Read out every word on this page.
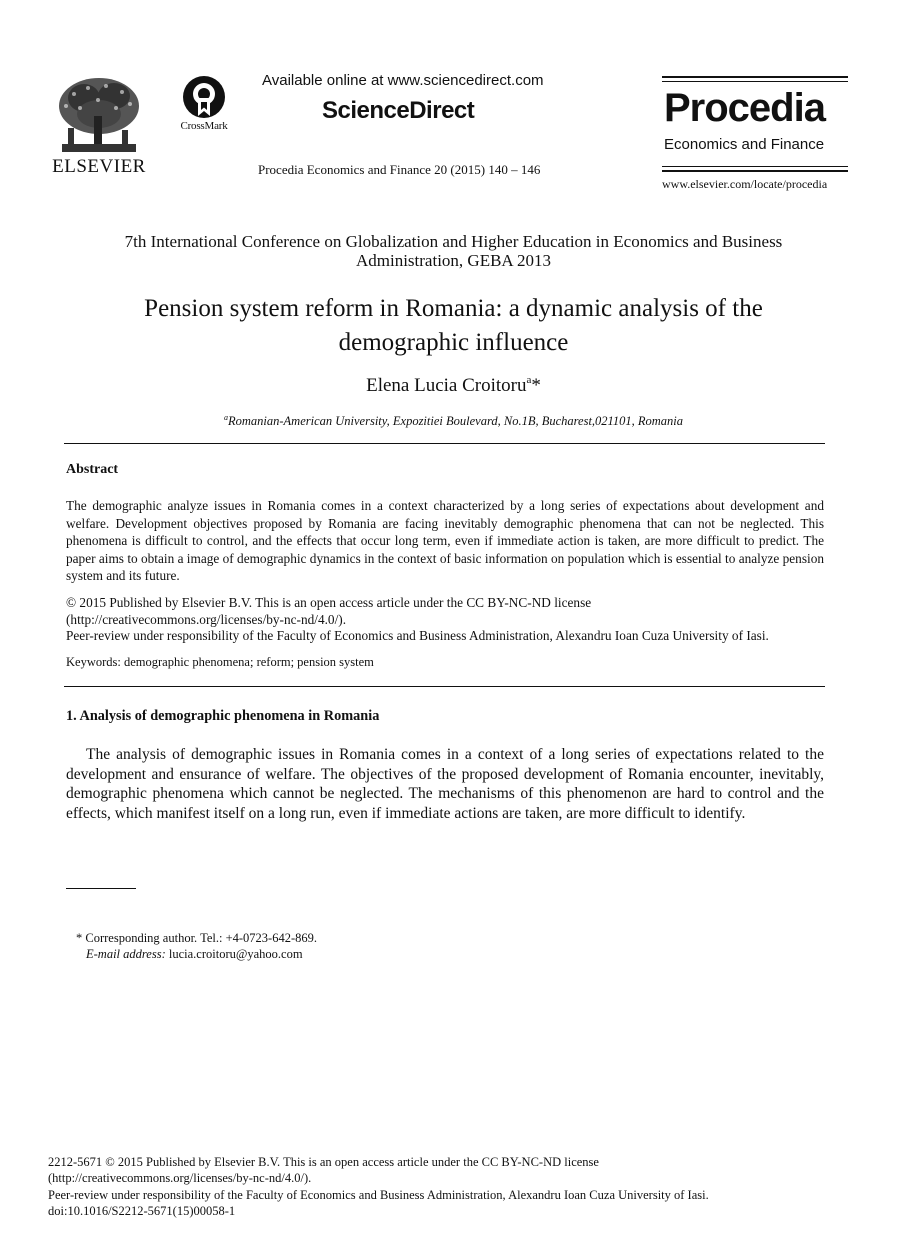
ELSEVIER
CrossMark
Available online at www.sciencedirect.com
ScienceDirect
Procedia Economics and Finance 20 (2015) 140 – 146
Procedia
Economics and Finance
www.elsevier.com/locate/procedia
7th International Conference on Globalization and Higher Education in Economics and Business
Administration, GEBA 2013
Pension system reform in Romania: a dynamic analysis of the
demographic influence
Elena Lucia Croitoru$^a$*
$^a$Romanian-American University, Expozitiei Boulevard, No.1B, Bucharest,021101, Romania
Abstract
The demographic analyze issues in Romania comes in a context characterized by a long series of expectations about development and welfare. Development objectives proposed by Romania are facing inevitably demographic phenomena that can not be neglected. This phenomena is difficult to control, and the effects that occur long term, even if immediate action is taken, are more difficult to predict. The paper aims to obtain a image of demographic dynamics in the context of basic information on population which is essential to analyze pension system and its future.
© 2015 Published by Elsevier B.V. This is an open access article under the CC BY-NC-ND license
(http://creativecommons.org/licenses/by-nc-nd/4.0/).
Peer-review under responsibility of the Faculty of Economics and Business Administration, Alexandru Ioan Cuza University of Iasi.
Keywords: demographic phenomena; reform; pension system
1. Analysis of demographic phenomena in Romania
The analysis of demographic issues in Romania comes in a context of a long series of expectations related to the development and ensurance of welfare. The objectives of the proposed development of Romania encounter, inevitably, demographic phenomena which cannot be neglected. The mechanisms of this phenomenon are hard to control and the effects, which manifest itself on a long run, even if immediate actions are taken, are more difficult to identify.
* Corresponding author. Tel.: +4-0723-642-869.
E-mail address: lucia.croitoru@yahoo.com
2212-5671 © 2015 Published by Elsevier B.V. This is an open access article under the CC BY-NC-ND license
(http://creativecommons.org/licenses/by-nc-nd/4.0/).
Peer-review under responsibility of the Faculty of Economics and Business Administration, Alexandru Ioan Cuza University of Iasi.
doi:10.1016/S2212-5671(15)00058-1
